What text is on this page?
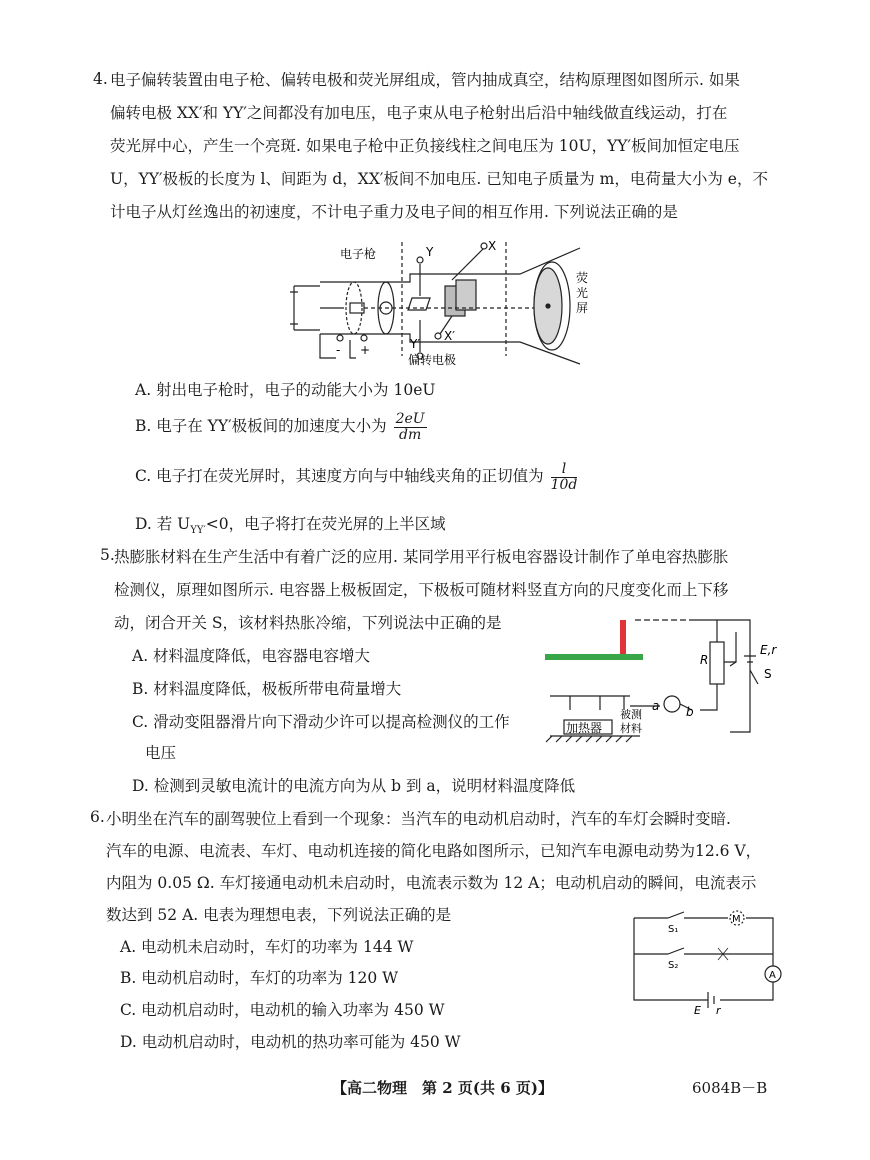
4. 电子偏转装置由电子枪、偏转电极和荧光屏组成，管内抽成真空，结构原理图如图所示. 如果
偏转电极 XX′和 YY′之间都没有加电压，电子束从电子枪射出后沿中轴线做直线运动，打在
荧光屏中心，产生一个亮斑. 如果电子枪中正负接线柱之间电压为 10U，YY′板间加恒定电压
U，YY′极板的长度为 l、间距为 d，XX′板间不加电压. 已知电子质量为 m，电荷量大小为 e，不
计电子从灯丝逸出的初速度，不计电子重力及电子间的相互作用. 下列说法正确的是
电子枪	Y	X
Y′
X′
荧
光
屏
偏转电极
- +
A. 射出电子枪时，电子的动能大小为 10eU
B. 电子在 YY′极板间的加速度大小为 $\frac{2eU}{dm}$
C. 电子打在荧光屏时，其速度方向与中轴线夹角的正切值为 $\frac{l}{10d}$
D. 若 $U_{YY'}<0$，电子将打在荧光屏的上半区域
5. 热膨胀材料在生产生活中有着广泛的应用. 某同学用平行板电容器设计制作了单电容热膨胀
检测仪，原理如图所示. 电容器上极板固定，下极板可随材料竖直方向的尺度变化而上下移
动，闭合开关 S，该材料热胀冷缩，下列说法中正确的是
A. 材料温度降低，电容器电容增大
B. 材料温度降低，极板所带电荷量增大
C. 滑动变阻器滑片向下滑动少许可以提高检测仪的工作
电压
D. 检测到灵敏电流计的电流方向为从 b 到 a，说明材料温度降低
R
E,r
S
a b
加热器
被测
材料
6. 小明坐在汽车的副驾驶位上看到一个现象：当汽车的电动机启动时，汽车的车灯会瞬时变暗.
汽车的电源、电流表、车灯、电动机连接的简化电路如图所示，已知汽车电源电动势为12.6 V，
内阻为 0.05 Ω. 车灯接通电动机未启动时，电流表示数为 12 A；电动机启动的瞬间，电流表示
数达到 52 A. 电表为理想电表，下列说法正确的是
A. 电动机未启动时，车灯的功率为 144 W
B. 电动机启动时，车灯的功率为 120 W
C. 电动机启动时，电动机的输入功率为 450 W
D. 电动机启动时，电动机的热功率可能为 450 W
S₁
M
S₂
A
E r
【高二物理　第 2 页(共 6 页)】	6084B－B
